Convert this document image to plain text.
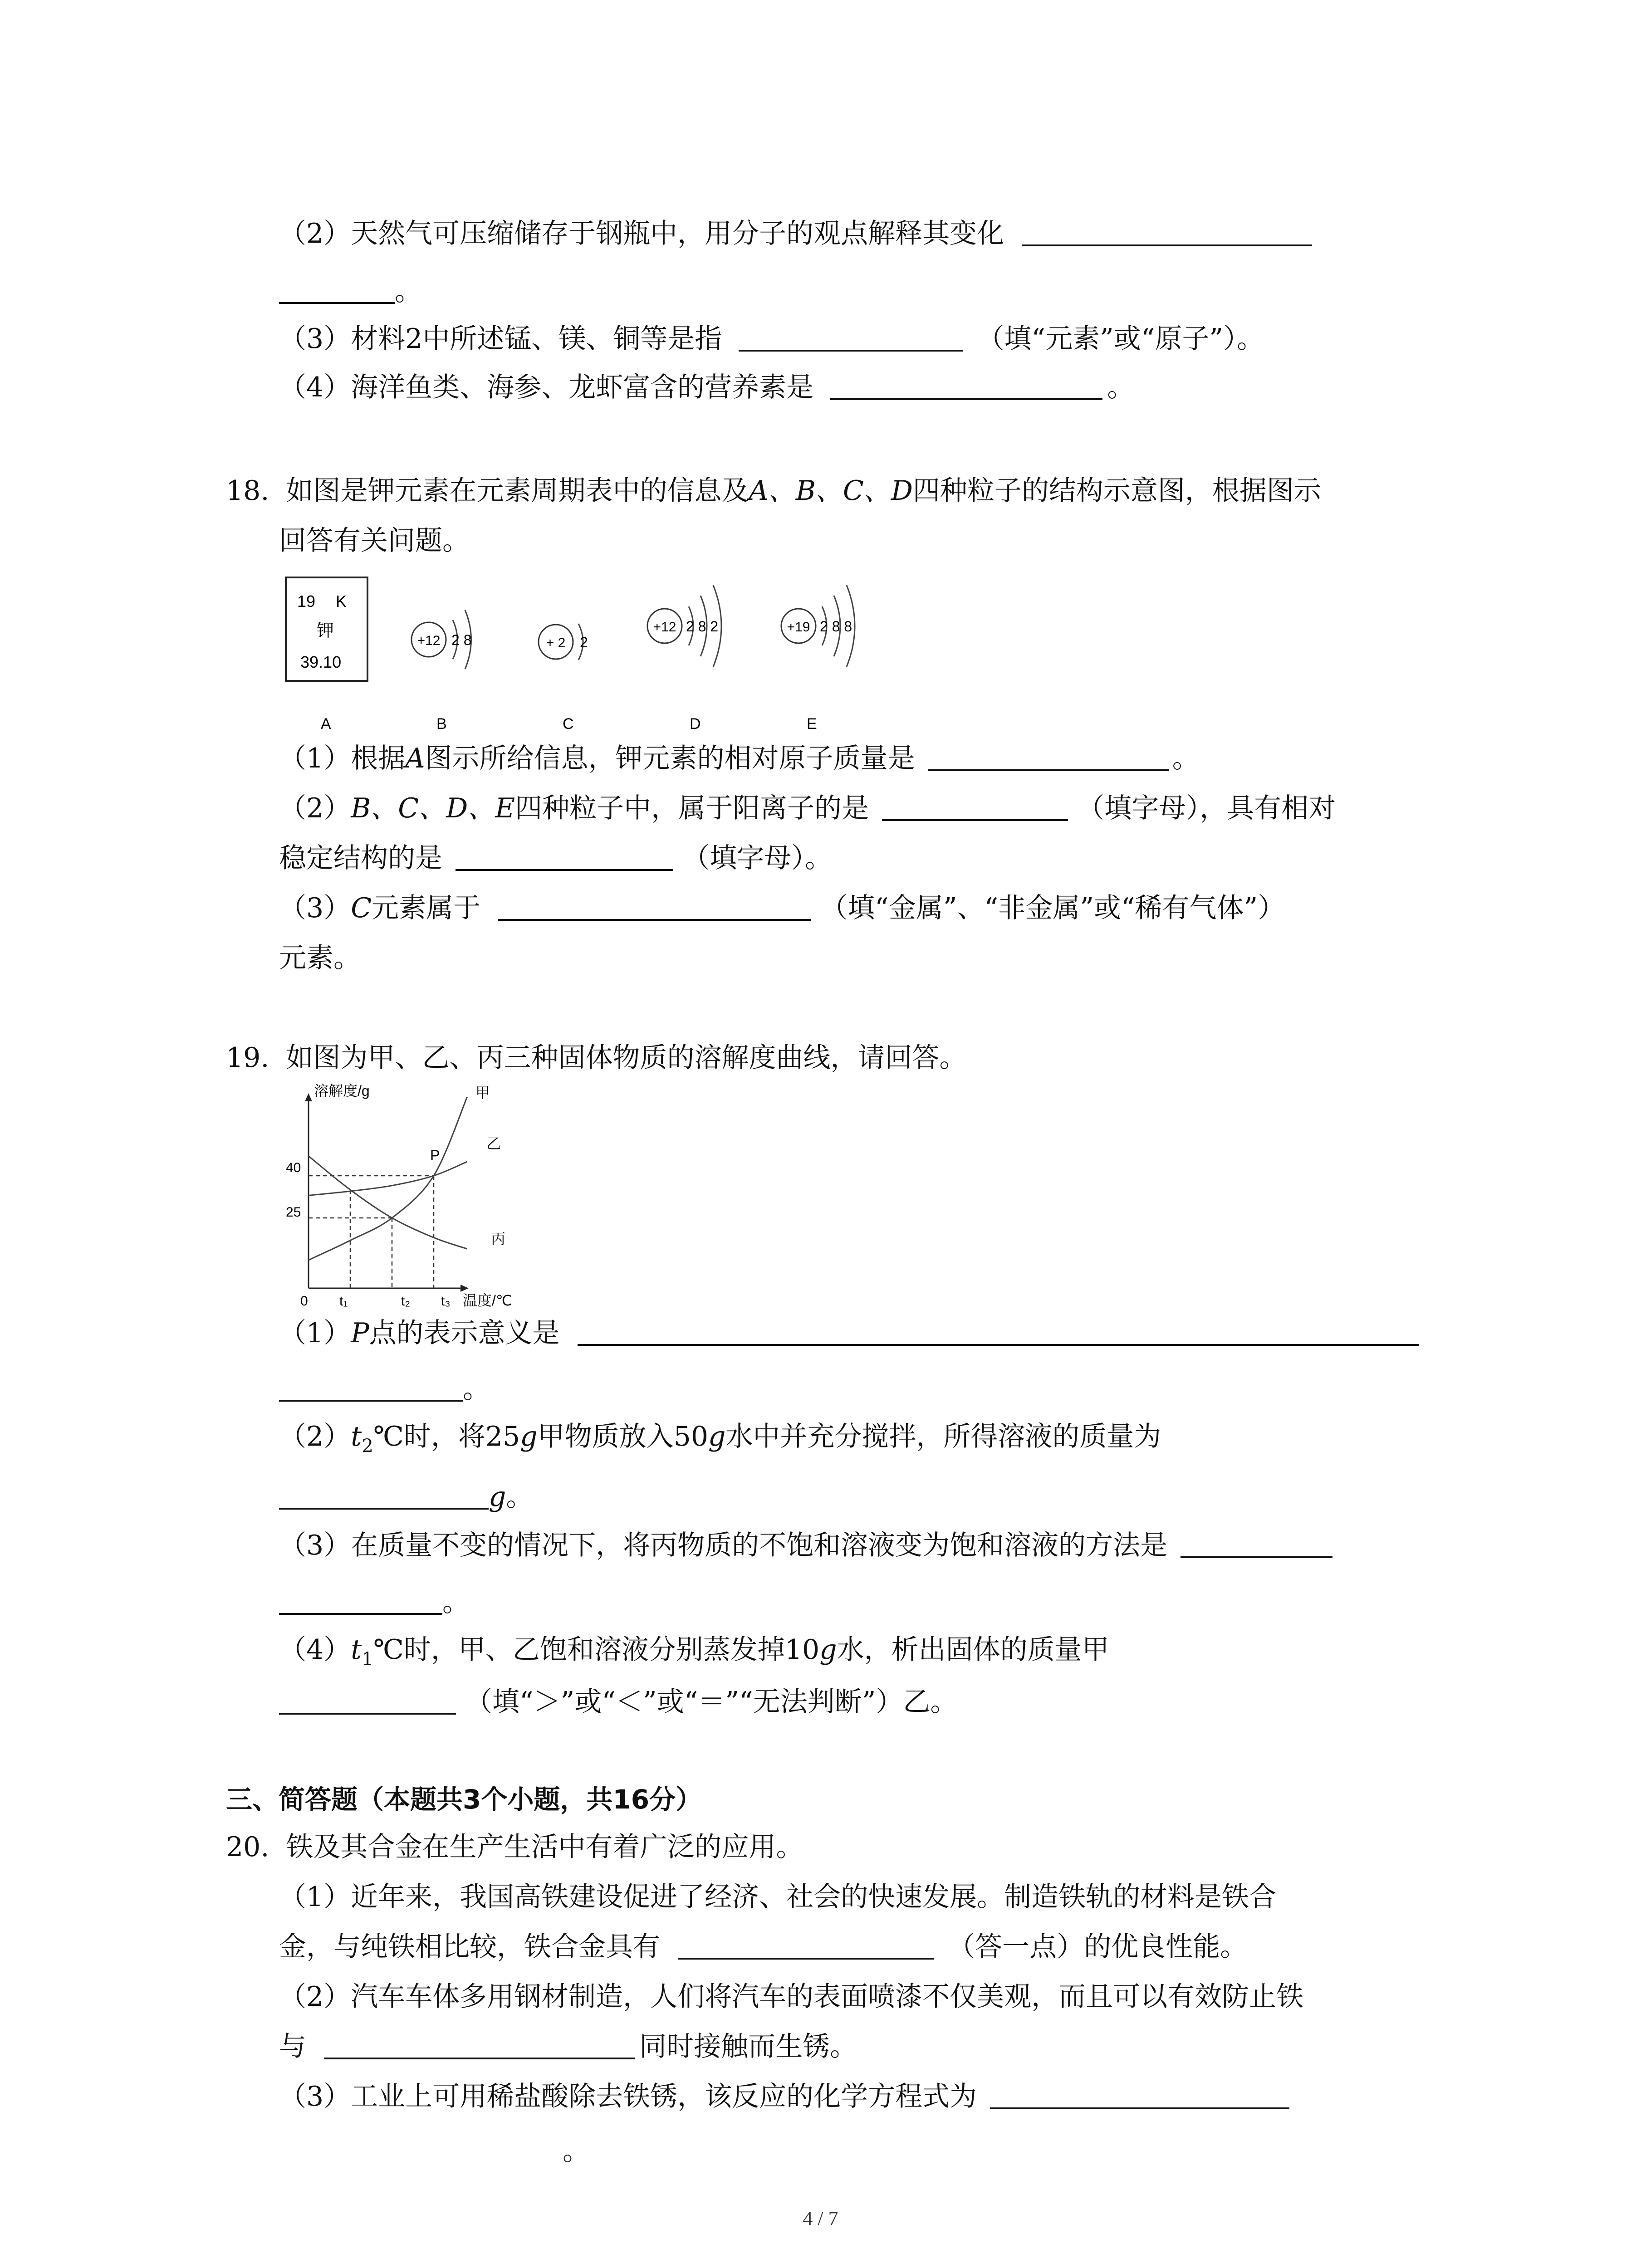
（2）天然气可压缩储存于钢瓶中，用分子的观点解释其变化
。
（3）材料2中所述锰、镁、铜等是指	（填“元素”或“原子”）。
（4）海洋鱼类、海参、龙虾富含的营养素是	。
18. 如图是钾元素在元素周期表中的信息及A、B、C、D四种粒子的结构示意图，根据图示
回答有关问题。
19 K
钾
39.10
+12 2 8	+ 2 2
+12 2 8 2	+19 2 8 8
A	B	C	D	E
（1）根据A图示所给信息，钾元素的相对原子质量是	。
（2）B、C、D、E四种粒子中，属于阳离子的是	（填字母），具有相对
稳定结构的是	（填字母）。
（3）C元素属于	（填“金属”、“非金属”或“稀有气体”）
元素。
19. 如图为甲、乙、丙三种固体物质的溶解度曲线，请回答。
溶解度/g
温度/℃
0 t₁	t₂ t₃
25
40
P
甲
乙
丙
（1）P点的表示意义是
。
$(2)t_2℃$时，将25g甲物质放入50g水中并充分搅拌，所得溶液的质量为
g。
（3）在质量不变的情况下，将丙物质的不饱和溶液变为饱和溶液的方法是
。
$(4)t_1℃$时，甲、乙饱和溶液分别蒸发掉10g水，析出固体的质量甲
（填“＞”或“＜”或“＝”“无法判断”）乙。
三、简答题（本题共3个小题，共16分）
20. 铁及其合金在生产生活中有着广泛的应用。
（1）近年来，我国高铁建设促进了经济、社会的快速发展。制造铁轨的材料是铁合
金，与纯铁相比较，铁合金具有	（答一点）的优良性能。
（2）汽车车体多用钢材制造，人们将汽车的表面喷漆不仅美观，而且可以有效防止铁
与	同时接触而生锈。
（3）工业上可用稀盐酸除去铁锈，该反应的化学方程式为
。
4 / 7
